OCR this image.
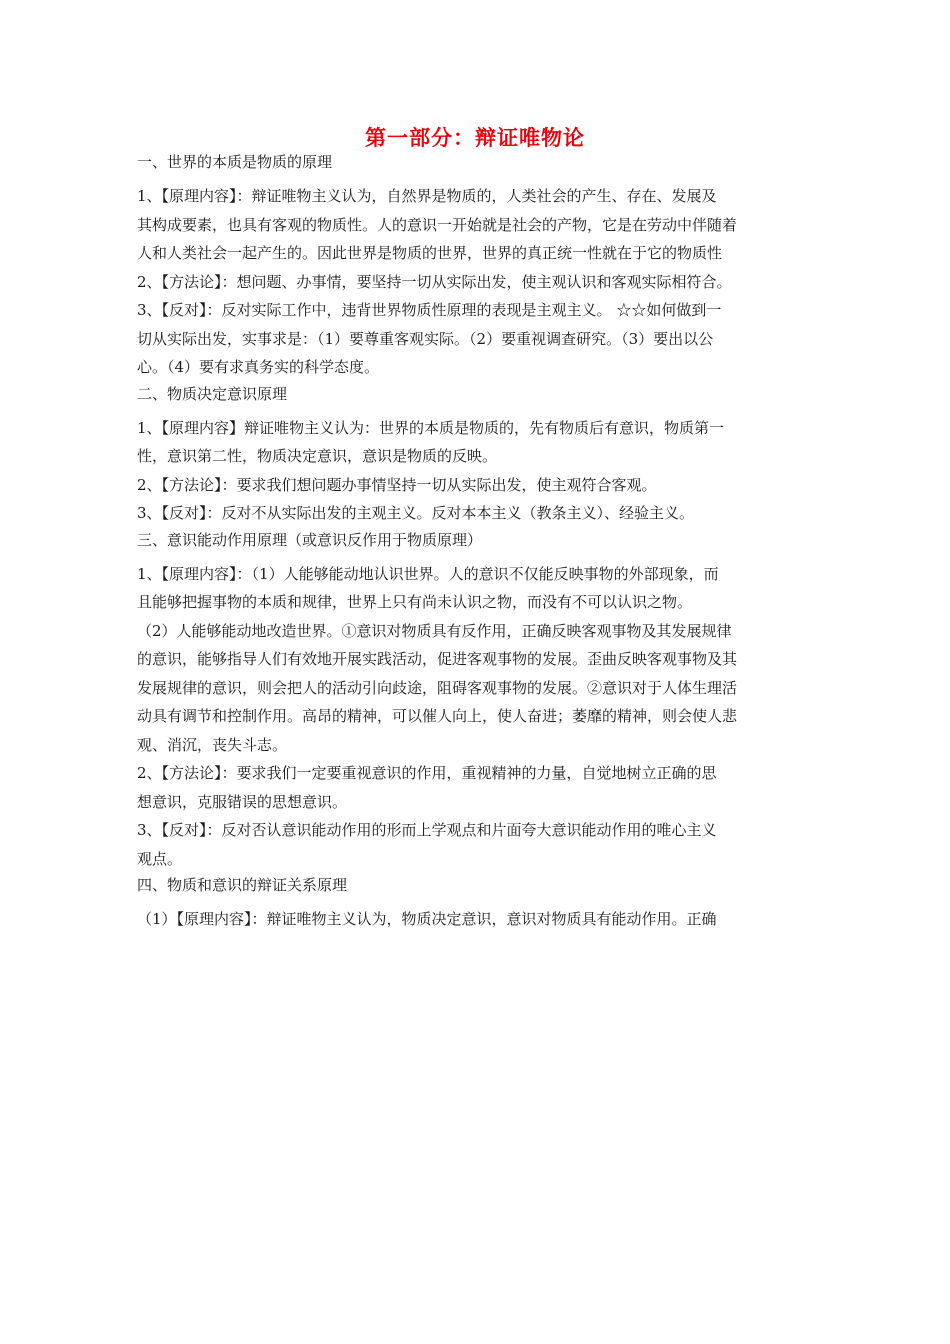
第一部分：辩证唯物论
一、世界的本质是物质的原理
1、【原理内容】：辩证唯物主义认为，自然界是物质的，人类社会的产生、存在、发展及
其构成要素，也具有客观的物质性。人的意识一开始就是社会的产物，它是在劳动中伴随着
人和人类社会一起产生的。因此世界是物质的世界，世界的真正统一性就在于它的物质性
2、【方法论】：想问题、办事情，要坚持一切从实际出发，使主观认识和客观实际相符合。
3、【反对】：反对实际工作中，违背世界物质性原理的表现是主观主义。 ☆☆如何做到一
切从实际出发，实事求是：（1）要尊重客观实际。（2）要重视调查研究。（3）要出以公
心。（4）要有求真务实的科学态度。
二、物质决定意识原理
1、【原理内容】辩证唯物主义认为：世界的本质是物质的，先有物质后有意识，物质第一
性，意识第二性，物质决定意识，意识是物质的反映。
2、【方法论】：要求我们想问题办事情坚持一切从实际出发，使主观符合客观。
3、【反对】：反对不从实际出发的主观主义。反对本本主义（教条主义）、经验主义。
三、意识能动作用原理（或意识反作用于物质原理）
1、【原理内容】：（1）人能够能动地认识世界。人的意识不仅能反映事物的外部现象，而
且能够把握事物的本质和规律，世界上只有尚未认识之物，而没有不可以认识之物。
（2）人能够能动地改造世界。①意识对物质具有反作用，正确反映客观事物及其发展规律
的意识，能够指导人们有效地开展实践活动，促进客观事物的发展。歪曲反映客观事物及其
发展规律的意识，则会把人的活动引向歧途，阻碍客观事物的发展。②意识对于人体生理活
动具有调节和控制作用。高昂的精神，可以催人向上，使人奋进；萎靡的精神，则会使人悲
观、消沉，丧失斗志。
2、【方法论】：要求我们一定要重视意识的作用，重视精神的力量，自觉地树立正确的思
想意识，克服错误的思想意识。
3、【反对】：反对否认意识能动作用的形而上学观点和片面夸大意识能动作用的唯心主义
观点。
四、物质和意识的辩证关系原理
（1）【原理内容】：辩证唯物主义认为，物质决定意识，意识对物质具有能动作用。正确
